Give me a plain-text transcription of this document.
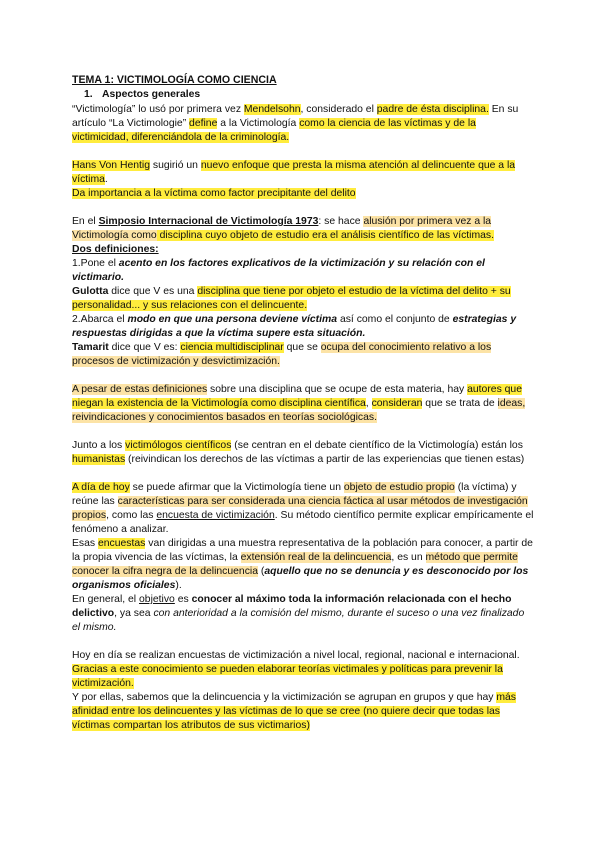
TEMA 1: VICTIMOLOGÍA COMO CIENCIA

1. Aspectos generales

“Victimología” lo usó por primera vez Mendelsohn, considerado el padre de ésta disciplina. En su artículo “La Victimologie” define a la Victimología como la ciencia de las víctimas y de la victimicidad, diferenciándola de la criminología.

Hans Von Hentig sugirió un nuevo enfoque que presta la misma atención al delincuente que a la víctima.

Da importancia a la víctima como factor precipitante del delito

En el Simposio Internacional de Victimología 1973: se hace alusión por primera vez a la Victimología como disciplina cuyo objeto de estudio era el análisis científico de las víctimas.

Dos definiciones:

1.Pone el acento en los factores explicativos de la victimización y su relación con el victimario.

Gulotta dice que V es una disciplina que tiene por objeto el estudio de la víctima del delito + su personalidad... y sus relaciones con el delincuente.

2.Abarca el modo en que una persona deviene víctima así como el conjunto de estrategias y respuestas dirigidas a que la víctima supere esta situación.

Tamarit dice que V es: ciencia multidisciplinar que se ocupa del conocimiento relativo a los procesos de victimización y desvictimización.

A pesar de estas definiciones sobre una disciplina que se ocupe de esta materia, hay autores que niegan la existencia de la Victimología como disciplina científica, consideran que se trata de ideas, reivindicaciones y conocimientos basados en teorías sociológicas.

Junto a los victimólogos científicos (se centran en el debate científico de la Victimología) están los humanistas (reivindican los derechos de las víctimas a partir de las experiencias que tienen estas)

A día de hoy se puede afirmar que la Victimología tiene un objeto de estudio propio (la víctima) y reúne las características para ser considerada una ciencia fáctica al usar métodos de investigación propios, como las encuesta de victimización. Su método científico permite explicar empíricamente el fenómeno a analizar.

Esas encuestas van dirigidas a una muestra representativa de la población para conocer, a partir de la propia vivencia de las víctimas, la extensión real de la delincuencia, es un método que permite conocer la cifra negra de la delincuencia (aquello que no se denuncia y es desconocido por los organismos oficiales).

En general, el objetivo es conocer al máximo toda la información relacionada con el hecho delictivo, ya sea con anterioridad a la comisión del mismo, durante el suceso o una vez finalizado el mismo.

Hoy en día se realizan encuestas de victimización a nivel local, regional, nacional e internacional. Gracias a este conocimiento se pueden elaborar teorías victimales y políticas para prevenir la victimización.

Y por ellas, sabemos que la delincuencia y la victimización se agrupan en grupos y que hay más afinidad entre los delincuentes y las víctimas de lo que se cree (no quiere decir que todas las víctimas compartan los atributos de sus victimarios)
